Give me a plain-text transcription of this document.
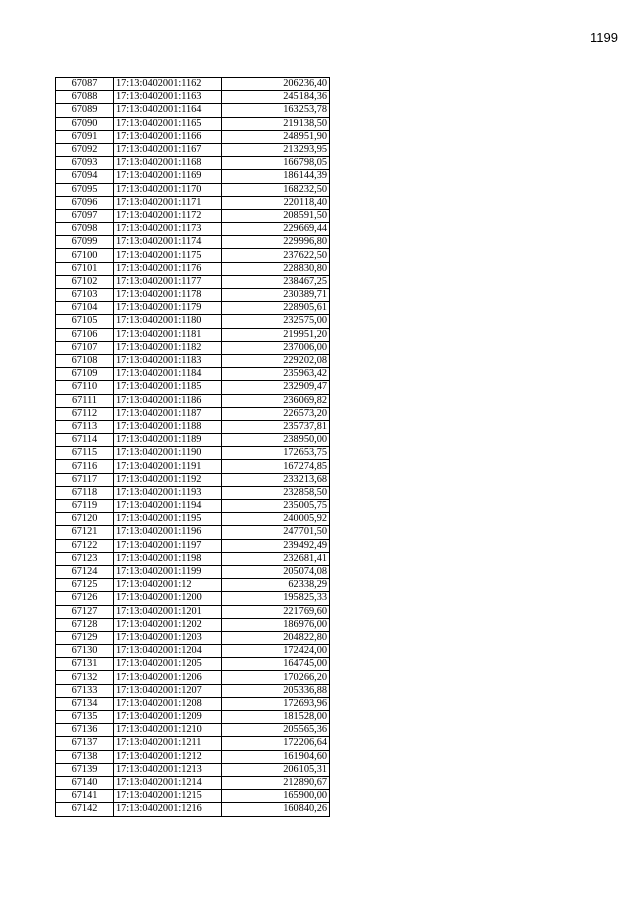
1199
67087	17:13:0402001:1162	206236,40
67088	17:13:0402001:1163	245184,36
67089	17:13:0402001:1164	163253,78
67090	17:13:0402001:1165	219138,50
67091	17:13:0402001:1166	248951,90
67092	17:13:0402001:1167	213293,95
67093	17:13:0402001:1168	166798,05
67094	17:13:0402001:1169	186144,39
67095	17:13:0402001:1170	168232,50
67096	17:13:0402001:1171	220118,40
67097	17:13:0402001:1172	208591,50
67098	17:13:0402001:1173	229669,44
67099	17:13:0402001:1174	229996,80
67100	17:13:0402001:1175	237622,50
67101	17:13:0402001:1176	228830,80
67102	17:13:0402001:1177	238467,25
67103	17:13:0402001:1178	230389,71
67104	17:13:0402001:1179	228905,61
67105	17:13:0402001:1180	232575,00
67106	17:13:0402001:1181	219951,20
67107	17:13:0402001:1182	237006,00
67108	17:13:0402001:1183	229202,08
67109	17:13:0402001:1184	235963,42
67110	17:13:0402001:1185	232909,47
67111	17:13:0402001:1186	236069,82
67112	17:13:0402001:1187	226573,20
67113	17:13:0402001:1188	235737,81
67114	17:13:0402001:1189	238950,00
67115	17:13:0402001:1190	172653,75
67116	17:13:0402001:1191	167274,85
67117	17:13:0402001:1192	233213,68
67118	17:13:0402001:1193	232858,50
67119	17:13:0402001:1194	235005,75
67120	17:13:0402001:1195	240005,92
67121	17:13:0402001:1196	247701,50
67122	17:13:0402001:1197	239492,49
67123	17:13:0402001:1198	232681,41
67124	17:13:0402001:1199	205074,08
67125	17:13:0402001:12	62338,29
67126	17:13:0402001:1200	195825,33
67127	17:13:0402001:1201	221769,60
67128	17:13:0402001:1202	186976,00
67129	17:13:0402001:1203	204822,80
67130	17:13:0402001:1204	172424,00
67131	17:13:0402001:1205	164745,00
67132	17:13:0402001:1206	170266,20
67133	17:13:0402001:1207	205336,88
67134	17:13:0402001:1208	172693,96
67135	17:13:0402001:1209	181528,00
67136	17:13:0402001:1210	205565,36
67137	17:13:0402001:1211	172206,64
67138	17:13:0402001:1212	161904,60
67139	17:13:0402001:1213	206105,31
67140	17:13:0402001:1214	212890,67
67141	17:13:0402001:1215	165900,00
67142	17:13:0402001:1216	160840,26
